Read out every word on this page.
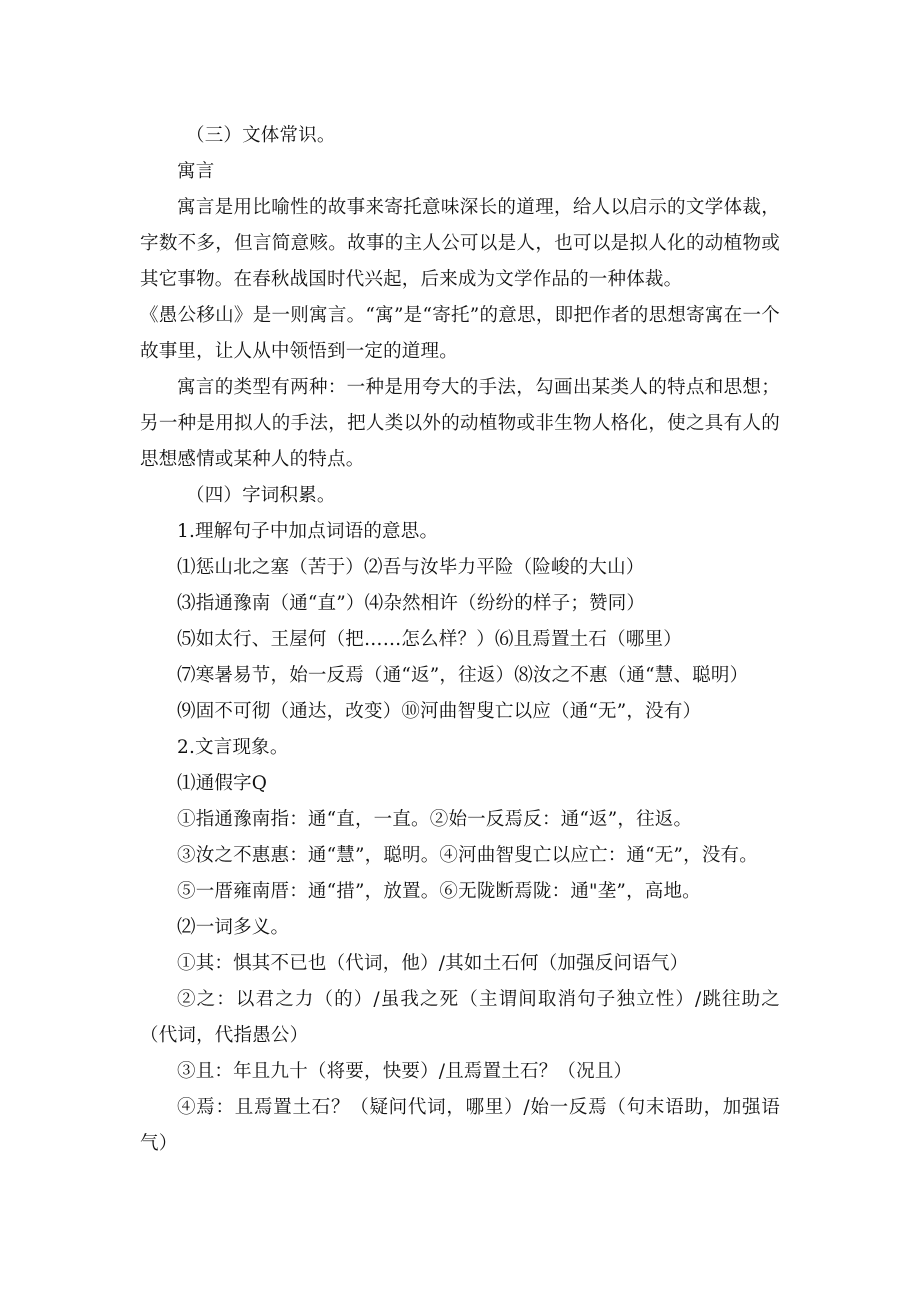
（三）文体常识。

寓言

寓言是用比喻性的故事来寄托意味深长的道理，给人以启示的文学体裁，字数不多，但言简意赅。故事的主人公可以是人，也可以是拟人化的动植物或其它事物。在春秋战国时代兴起，后来成为文学作品的一种体裁。

《愚公移山》是一则寓言。“寓”是“寄托”的意思，即把作者的思想寄寓在一个故事里，让人从中领悟到一定的道理。

寓言的类型有两种：一种是用夸大的手法，勾画出某类人的特点和思想；另一种是用拟人的手法，把人类以外的动植物或非生物人格化，使之具有人的思想感情或某种人的特点。

（四）字词积累。

1.理解句子中加点词语的意思。

⑴惩山北之塞（苦于）⑵吾与汝毕力平险（险峻的大山）

⑶指通豫南（通“直”）⑷杂然相许（纷纷的样子；赞同）

⑸如太行、王屋何（把……怎么样？）⑹且焉置土石（哪里）

⑺寒暑易节，始一反焉（通“返”，往返）⑻汝之不惠（通“慧、聪明）

⑼固不可彻（通达，改变）⑩河曲智叟亡以应（通“无”，没有）

2.文言现象。

⑴通假字Q

①指通豫南指：通“直，一直。②始一反焉反：通“返”，往返。

③汝之不惠惠：通“慧”，聪明。④河曲智叟亡以应亡：通“无”，没有。

⑤一厝雍南厝：通“措”，放置。⑥无陇断焉陇：通"垄”，高地。

⑵一词多义。

①其：惧其不已也（代词，他）/其如土石何（加强反问语气）

②之：以君之力（的）/虽我之死（主谓间取消句子独立性）/跳往助之（代词，代指愚公）

③且：年且九十（将要，快要）/且焉置土石？（况且）

④焉：且焉置土石？（疑问代词，哪里）/始一反焉（句末语助，加强语气）
